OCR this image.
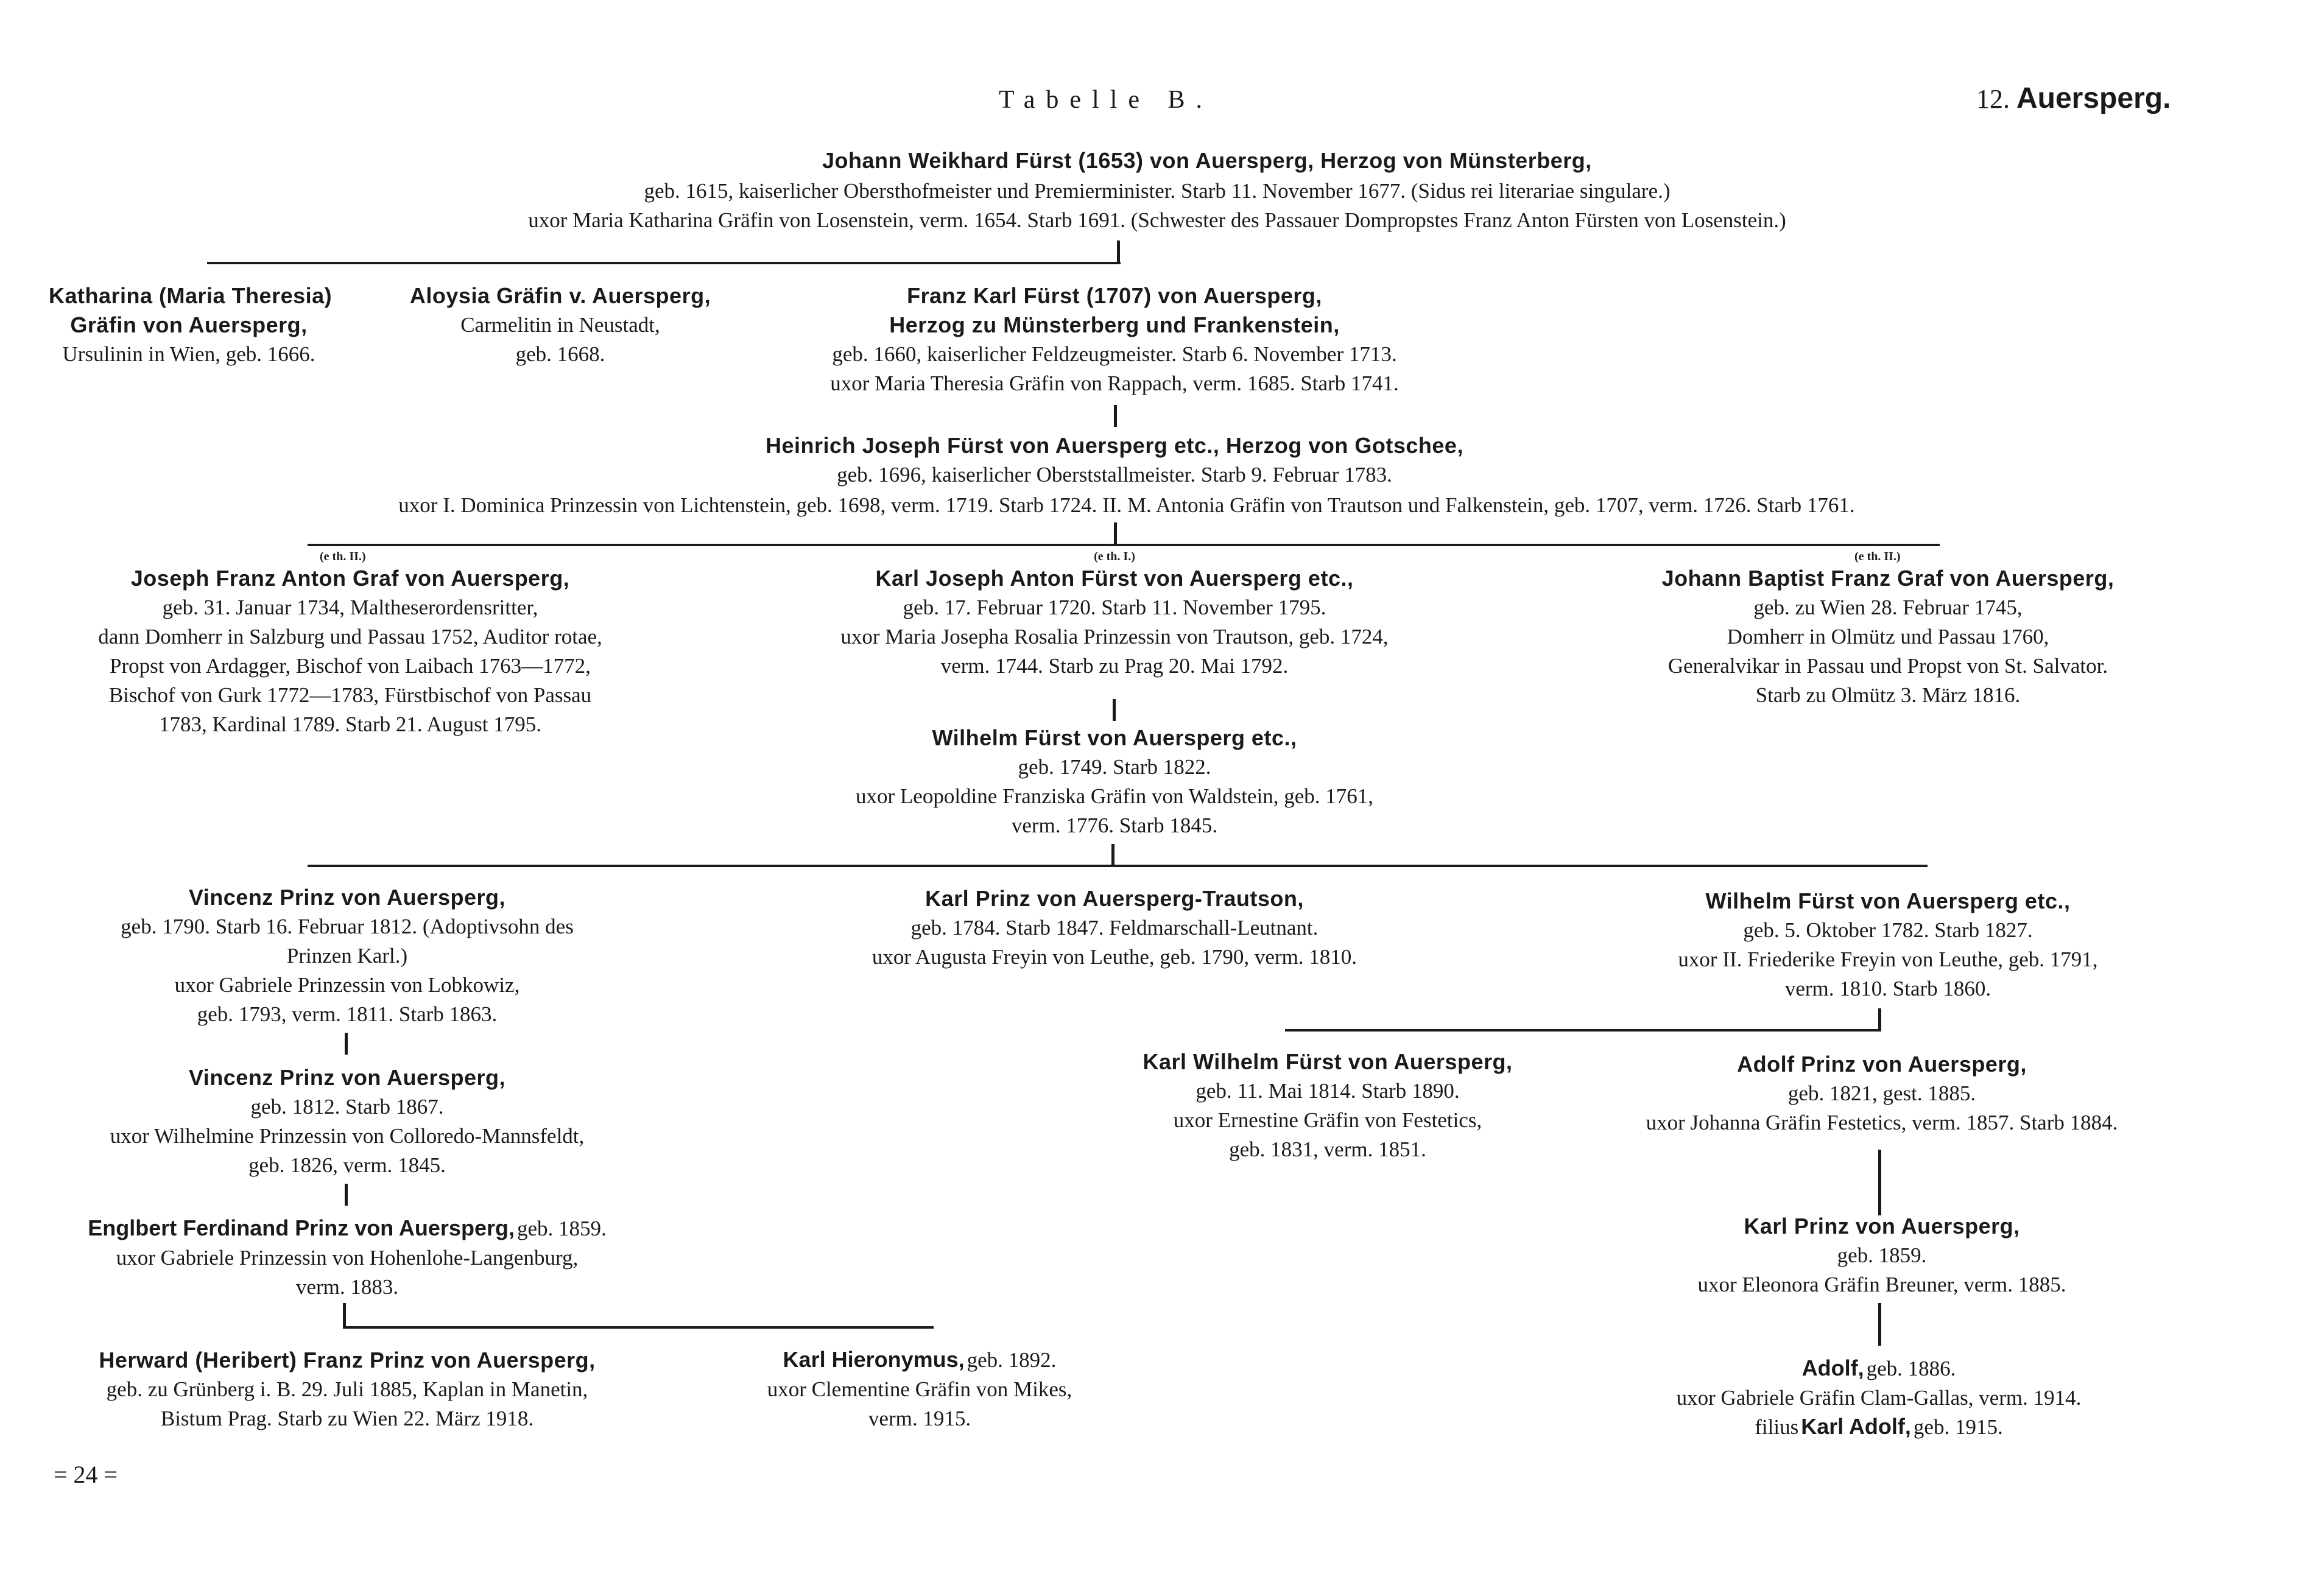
Tabelle B.	12. Auersperg.
Johann Weikhard Fürst (1653) von Auersperg, Herzog von Münsterberg,
geb. 1615, kaiserlicher Obersthofmeister und Premierminister. Starb 11. November 1677. (Sidus rei literariae singulare.)
uxor Maria Katharina Gräfin von Losenstein, verm. 1654. Starb 1691. (Schwester des Passauer Dompropstes Franz Anton Fürsten von Losenstein.)
Katharina (Maria Theresia)
Gräfin von Auersperg,
Ursulinin in Wien, geb. 1666.
Aloysia Gräfin v. Auersperg,
Carmelitin in Neustadt,
geb. 1668.
Franz Karl Fürst (1707) von Auersperg,
Herzog zu Münsterberg und Frankenstein,
geb. 1660, kaiserlicher Feldzeugmeister. Starb 6. November 1713.
uxor Maria Theresia Gräfin von Rappach, verm. 1685. Starb 1741.
Heinrich Joseph Fürst von Auersperg etc., Herzog von Gotschee,
geb. 1696, kaiserlicher Oberststallmeister. Starb 9. Februar 1783.
uxor I. Dominica Prinzessin von Lichtenstein, geb. 1698, verm. 1719. Starb 1724. II. M. Antonia Gräfin von Trautson und Falkenstein, geb. 1707, verm. 1726. Starb 1761.
(e th. II.)
Joseph Franz Anton Graf von Auersperg,
geb. 31. Januar 1734, Maltheserordensritter,
dann Domherr in Salzburg und Passau 1752, Auditor rotae,
Propst von Ardagger, Bischof von Laibach 1763—1772,
Bischof von Gurk 1772—1783, Fürstbischof von Passau
1783, Kardinal 1789. Starb 21. August 1795.
(e th. I.)
Karl Joseph Anton Fürst von Auersperg etc.,
geb. 17. Februar 1720. Starb 11. November 1795.
uxor Maria Josepha Rosalia Prinzessin von Trautson, geb. 1724,
verm. 1744. Starb zu Prag 20. Mai 1792.
(e th. II.)
Johann Baptist Franz Graf von Auersperg,
geb. zu Wien 28. Februar 1745,
Domherr in Olmütz und Passau 1760,
Generalvikar in Passau und Propst von St. Salvator.
Starb zu Olmütz 3. März 1816.
Wilhelm Fürst von Auersperg etc.,
geb. 1749. Starb 1822.
uxor Leopoldine Franziska Gräfin von Waldstein, geb. 1761,
verm. 1776. Starb 1845.
Vincenz Prinz von Auersperg,
geb. 1790. Starb 16. Februar 1812. (Adoptivsohn des
Prinzen Karl.)
uxor Gabriele Prinzessin von Lobkowiz,
geb. 1793, verm. 1811. Starb 1863.
Karl Prinz von Auersperg-Trautson,
geb. 1784. Starb 1847. Feldmarschall-Leutnant.
uxor Augusta Freyin von Leuthe, geb. 1790, verm. 1810.
Wilhelm Fürst von Auersperg etc.,
geb. 5. Oktober 1782. Starb 1827.
uxor II. Friederike Freyin von Leuthe, geb. 1791,
verm. 1810. Starb 1860.
Vincenz Prinz von Auersperg,
geb. 1812. Starb 1867.
uxor Wilhelmine Prinzessin von Colloredo-Mannsfeldt,
geb. 1826, verm. 1845.
Karl Wilhelm Fürst von Auersperg,
geb. 11. Mai 1814. Starb 1890.
uxor Ernestine Gräfin von Festetics,
geb. 1831, verm. 1851.
Adolf Prinz von Auersperg,
geb. 1821, gest. 1885.
uxor Johanna Gräfin Festetics, verm. 1857. Starb 1884.
Englbert Ferdinand Prinz von Auersperg, geb. 1859.
uxor Gabriele Prinzessin von Hohenlohe-Langenburg,
verm. 1883.
Karl Prinz von Auersperg,
geb. 1859.
uxor Eleonora Gräfin Breuner, verm. 1885.
Herward (Heribert) Franz Prinz von Auersperg,
geb. zu Grünberg i. B. 29. Juli 1885, Kaplan in Manetin,
Bistum Prag. Starb zu Wien 22. März 1918.
Karl Hieronymus, geb. 1892.
uxor Clementine Gräfin von Mikes,
verm. 1915.
Adolf, geb. 1886.
uxor Gabriele Gräfin Clam-Gallas, verm. 1914.
filius Karl Adolf, geb. 1915.
= 24 =
